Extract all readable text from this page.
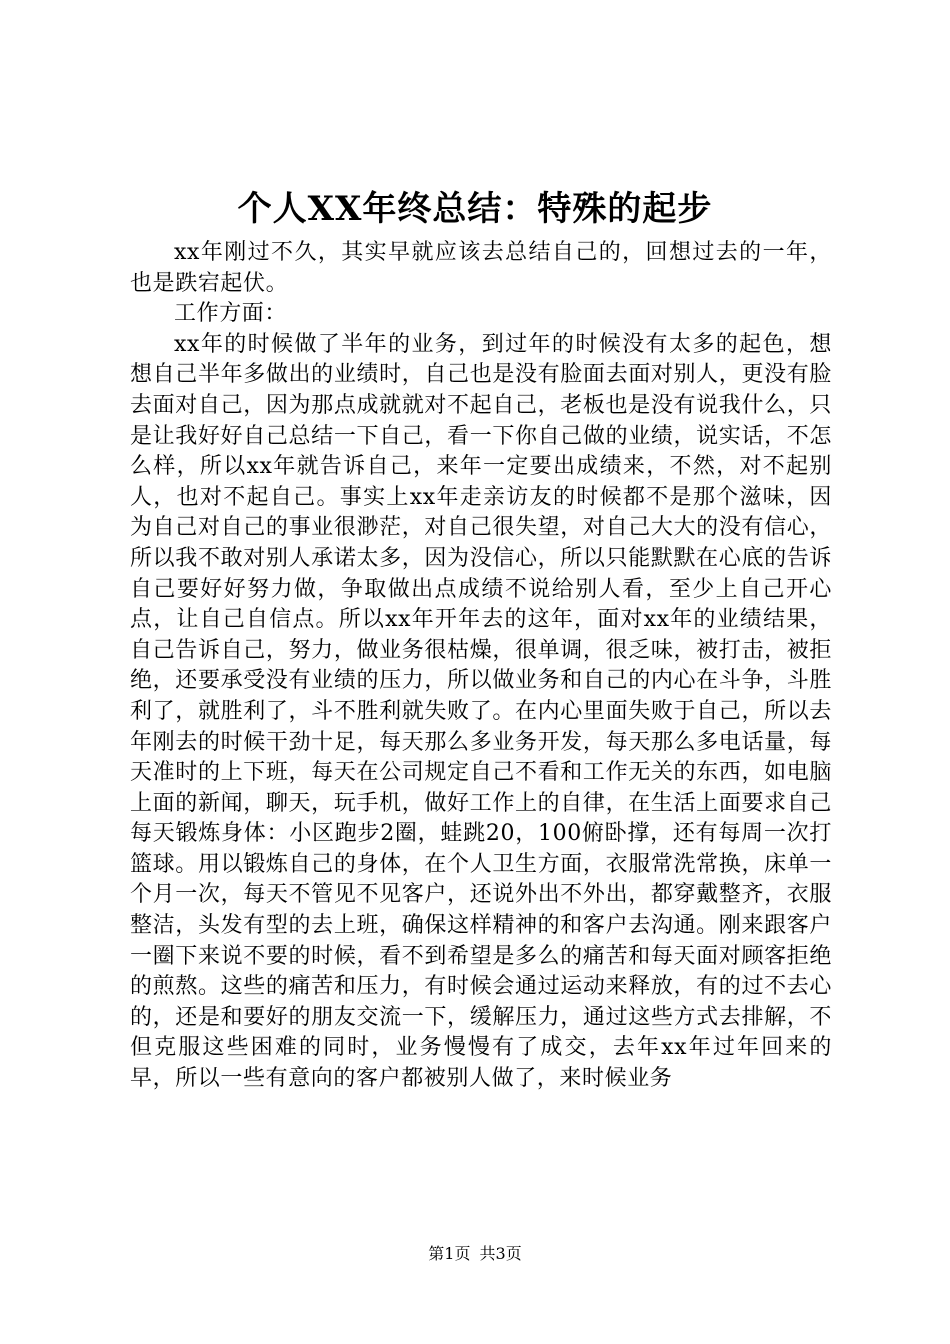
个人XX年终总结：特殊的起步

xx年刚过不久，其实早就应该去总结自己的，回想过去的一年，也是跌宕起伏。

工作方面：

xx年的时候做了半年的业务，到过年的时候没有太多的起色，想想自己半年多做出的业绩时，自己也是没有脸面去面对别人，更没有脸去面对自己，因为那点成就就对不起自己，老板也是没有说我什么，只是让我好好自己总结一下自己，看一下你自己做的业绩，说实话，不怎么样，所以xx年就告诉自己，来年一定要出成绩来，不然，对不起别人，也对不起自己。事实上xx年走亲访友的时候都不是那个滋味，因为自己对自己的事业很渺茫，对自己很失望，对自己大大的没有信心，所以我不敢对别人承诺太多，因为没信心，所以只能默默在心底的告诉自己要好好努力做，争取做出点成绩不说给别人看，至少上自己开心点，让自己自信点。所以xx年开年去的这年，面对xx年的业绩结果，自己告诉自己，努力，做业务很枯燥，很单调，很乏味，被打击，被拒绝，还要承受没有业绩的压力，所以做业务和自己的内心在斗争，斗胜利了，就胜利了，斗不胜利就失败了。在内心里面失败于自己，所以去年刚去的时候干劲十足，每天那么多业务开发，每天那么多电话量，每天准时的上下班，每天在公司规定自己不看和工作无关的东西，如电脑上面的新闻，聊天，玩手机，做好工作上的自律，在生活上面要求自己每天锻炼身体：小区跑步2圈，蛙跳20，100俯卧撑，还有每周一次打篮球。用以锻炼自己的身体，在个人卫生方面，衣服常洗常换，床单一个月一次，每天不管见不见客户，还说外出不外出，都穿戴整齐，衣服整洁，头发有型的去上班，确保这样精神的和客户去沟通。刚来跟客户一圈下来说不要的时候，看不到希望是多么的痛苦和每天面对顾客拒绝的煎熬。这些的痛苦和压力，有时候会通过运动来释放，有的过不去心的，还是和要好的朋友交流一下，缓解压力，通过这些方式去排解，不但克服这些困难的同时，业务慢慢有了成交，去年xx年过年回来的早，所以一些有意向的客户都被别人做了，来时候业务

第1页 共3页
